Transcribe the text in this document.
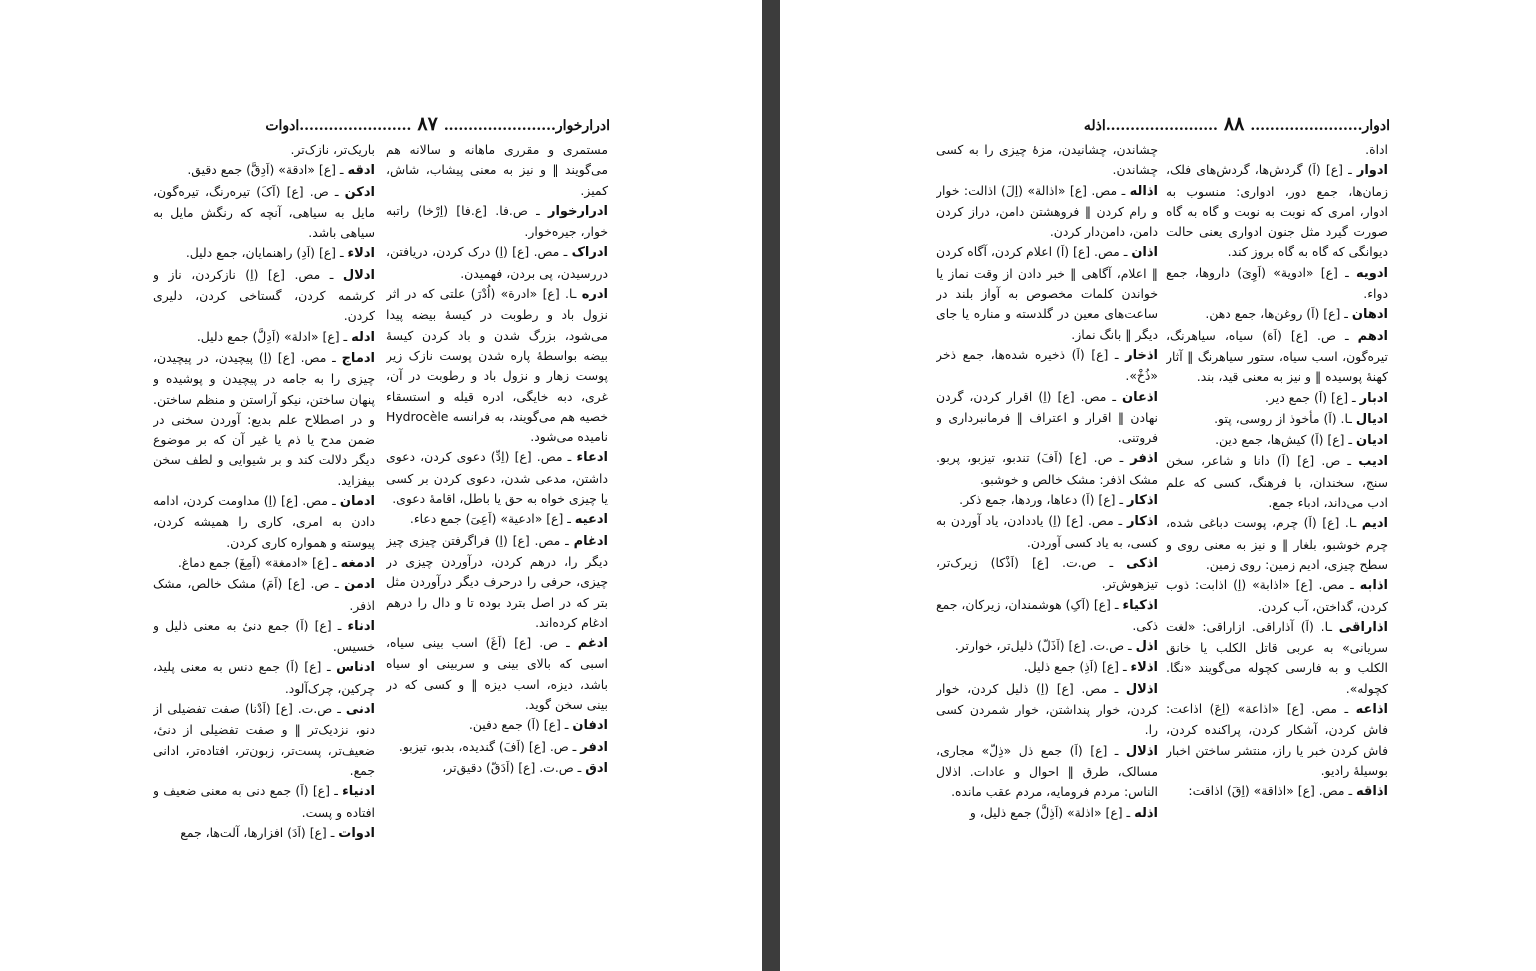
ادرارخوار.......................۸۷.......................ادوات

مستمری و مقرری ماهانه و سالانه هم می‌گویند ‖ و نیز به معنی پیشاب، شاش، کمیز.

ادرارخوار ـ ص.فا. [ع.فا] (اِرْخا) راتبه خوار، جیره‌خوار.

ادراک ـ مص. [ع] (اِ) درک کردن، دریافتن، دررسیدن، پی بردن، فهمیدن.

ادره ـا. [ع] «ادرة» (اُدْرَ) علتی که در اثر نزول باد و رطوبت در کیسهٔ بیضه پیدا می‌شود، بزرگ شدن و باد کردن کیسهٔ بیضه بواسطهٔ پاره شدن پوست نازک زیر پوست زهار و نزول باد و رطوبت در آن، غری، دبه خایگی، ادره قیله و استسقاء خصیه هم می‌گویند، به فرانسه Hydrocèle نامیده می‌شود.

ادعاء ـ مص. [ع] (اِدِّ) دعوی کردن، دعوی داشتن، مدعی شدن، دعوی کردن بر کسی یا چیزی خواه به حق یا باطل، اقامهٔ دعوی.

ادعیه ـ [ع] «ادعیة» (اَعِیَ) جمع دعاء.

ادغام ـ مص. [ع] (اِ) فراگرفتن چیزی چیز دیگر را، درهم کردن، درآوردن چیزی در چیزی، حرفی را درحرف دیگر درآوردن مثل بتر که در اصل بترد بوده تا و دال را درهم ادغام کرده‌اند.

ادغم ـ ص. [ع] (اَغَ) اسب بینی سیاه، اسبی که بالای بینی و سربینی او سیاه باشد، دیزه، اسب دیزه ‖ و کسی که در بینی سخن گوید.

ادفان ـ [ع] (اَ) جمع دفین.

ادفر ـ ص. [ع] (اَفَ) گندیده، بدبو، تیزبو.

ادق ـ ص.ت. [ع] (اَدَقّ) دقیق‌تر،

باریک‌تر، نازک‌تر.

ادقه ـ [ع] «ادقة» (اَدِقَّ) جمع دقیق.

ادکن ـ ص. [ع] (اَکَ) تیره‌رنگ، تیره‌گون، مایل به سیاهی، آنچه که رنگش مایل به سیاهی باشد.

ادلاء ـ [ع] (اَدِ) راهنمایان، جمع دلیل.

ادلال ـ مص. [ع] (اِ) نازکردن، ناز و کرشمه کردن، گستاخی کردن، دلیری کردن.

ادله ـ [ع] «ادلة» (اَدِلَّ) جمع دلیل.

ادماج ـ مص. [ع] (اِ) پیچیدن، در پیچیدن، چیزی را به جامه در پیچیدن و پوشیده و پنهان ساختن، نیکو آراستن و منظم ساختن. و در اصطلاح علم بدیع: آوردن سخنی در ضمن مدح یا ذم یا غیر آن که بر موضوع دیگر دلالت کند و بر شیوایی و لطف سخن بیفزاید.

ادمان ـ مص. [ع] (اِ) مداومت کردن، ادامه دادن به امری، کاری را همیشه کردن، پیوسته و همواره کاری کردن.

ادمغه ـ [ع] «ادمغة» (اَمِغَ) جمع دماغ.

ادمن ـ ص. [ع] (اَمَ) مشک خالص، مشک اذفر.

ادناء ـ [ع] (اَ) جمع دنیٔ به معنی ذلیل و خسیس.

ادناس ـ [ع] (اَ) جمع دنس به معنی پلید، چرکین، چرک‌آلود.

ادنی ـ ص.ت. [ع] (اَدْنا) صفت تفضیلی از دنو، نزدیک‌تر ‖ و صفت تفضیلی از دنیٔ، ضعیف‌تر، پست‌تر، زبون‌تر، افتاده‌تر، ادانی جمع.

ادنیاء ـ [ع] (اَ) جمع دنی به معنی ضعیف و افتاده و پست.

ادوات ـ [ع] (اَدَ) افزارها، آلت‌ها، جمع

ادوار.......................۸۸.......................اذله

اداة.

ادوار ـ [ع] (اَ) گردش‌ها، گردش‌های فلک، زمان‌ها، جمع دور، ادواری: منسوب به ادوار، امری که نوبت به نوبت و گاه به گاه صورت گیرد مثل جنون ادواری یعنی حالت دیوانگی که گاه به گاه بروز کند.

ادویه ـ [ع] «ادویة» (اَوِیَ) داروها، جمع دواء.

ادهان ـ [ع] (اَ) روغن‌ها، جمع دهن.

ادهم ـ ص. [ع] (اَهَ) سیاه، سیاهرنگ، تیره‌گون، اسب سیاه، ستور سیاهرنگ ‖ آثار کهنهٔ پوسیده ‖ و نیز به معنی قید، بند.

ادبار ـ [ع] (اَ) جمع دیر.

ادیال ـا. (اَ) مأخوذ از روسی، پتو.

ادیان ـ [ع] (اَ) کیش‌ها، جمع دین.

ادیب ـ ص. [ع] (اَ) دانا و شاعر، سخن سنج، سخندان، با فرهنگ، کسی که علم ادب می‌داند، ادباء جمع.

ادیم ـا. [ع] (اَ) چرم، پوست دباغی شده، چرم خوشبو، بلغار ‖ و نیز به معنی روی و سطح چیزی، ادیم زمین: روی زمین.

اذابه ـ مص. [ع] «اذابة» (اِ) اذابت: ذوب کردن، گداختن، آب کردن.

اذاراقی ـا. (اَ) آذاراقی. ازاراقی: «لغت سریانی» به عربی قاتل الکلب یا خانق الکلب و به فارسی کچوله می‌گویند «نگا. کچوله».

اذاعه ـ مص. [ع] «اذاعة» (اِعَ) اذاعت: فاش کردن، آشکار کردن، پراکنده کردن، فاش کردن خبر یا راز، منتشر ساختن اخبار بوسیلهٔ رادیو.

اذاقه ـ مص. [ع] «اذاقة» (اِقَ) اذاقت:

چشاندن، چشانیدن، مزهٔ چیزی را به کسی چشاندن.

اذاله ـ مص. [ع] «اذالة» (اِلَ) اذالت: خوار و رام کردن ‖ فروهشتن دامن، دراز کردن دامن، دامن‌دار کردن.

اذان ـ مص. [ع] (اَ) اعلام کردن، آگاه کردن ‖ اعلام، آگاهی ‖ خبر دادن از وقت نماز یا خواندن کلمات مخصوص به آواز بلند در ساعت‌های معین در گلدسته و مناره یا جای دیگر ‖ بانگ نماز.

اذخار ـ [ع] (اَ) ذخیره شده‌ها، جمع ذخر «ذُخْ».

اذعان ـ مص. [ع] (اِ) اقرار کردن، گردن نهادن ‖ اقرار و اعتراف ‖ فرمانبرداری و فروتنی.

اذفر ـ ص. [ع] (اَفَ) تندبو، تیزبو، پربو. مشک اذفر: مشک خالص و خوشبو.

اذکار ـ [ع] (اَ) دعاها، وردها، جمع ذکر.

اذکار ـ مص. [ع] (اِ) یاددادن، یاد آوردن به کسی، به یاد کسی آوردن.

اذکی ـ ص.ت. [ع] (اَذْکا) زیرک‌تر، تیزهوش‌تر.

اذکیاء ـ [ع] (اَکِ) هوشمندان، زیرکان، جمع ذکی.

اذل ـ ص.ت. [ع] (اَذَلّ) ذلیل‌تر، خوارتر.

اذلاء ـ [ع] (اَذِ) جمع ذلیل.

اذلال ـ مص. [ع] (اِ) ذلیل کردن، خوار کردن، خوار پنداشتن، خوار شمردن کسی را.

اذلال ـ [ع] (اَ) جمع ذل «ذِلّ» مجاری، مسالک، طرق ‖ احوال و عادات. اذلال الناس: مردم فرومایه، مردم عقب مانده.

اذله ـ [ع] «اذلة» (اَذِلَّ) جمع ذلیل، و
